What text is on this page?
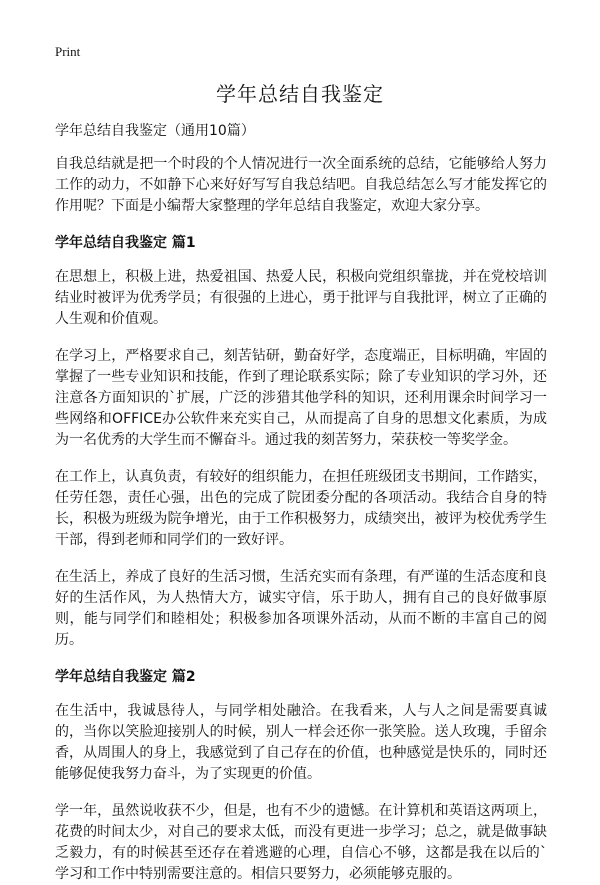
Print
学年总结自我鉴定
学年总结自我鉴定（通用10篇）

自我总结就是把一个时段的个人情况进行一次全面系统的总结，它能够给人努力工作的动力，不如静下心来好好写写自我总结吧。自我总结怎么写才能发挥它的作用呢？下面是小编帮大家整理的学年总结自我鉴定，欢迎大家分享。

学年总结自我鉴定 篇1

在思想上，积极上进，热爱祖国、热爱人民，积极向党组织靠拢，并在党校培训结业时被评为优秀学员；有很强的上进心，勇于批评与自我批评，树立了正确的人生观和价值观。

在学习上，严格要求自己，刻苦钻研，勤奋好学，态度端正，目标明确，牢固的掌握了一些专业知识和技能，作到了理论联系实际；除了专业知识的学习外，还注意各方面知识的`扩展，广泛的涉猎其他学科的知识，还利用课余时间学习一些网络和OFFICE办公软件来充实自己，从而提高了自身的思想文化素质，为成为一名优秀的大学生而不懈奋斗。通过我的刻苦努力，荣获校一等奖学金。

在工作上，认真负责，有较好的组织能力，在担任班级团支书期间，工作踏实，任劳任怨，责任心强，出色的完成了院团委分配的各项活动。我结合自身的特长，积极为班级为院争增光，由于工作积极努力，成绩突出，被评为校优秀学生干部，得到老师和同学们的一致好评。

在生活上，养成了良好的生活习惯，生活充实而有条理，有严谨的生活态度和良好的生活作风，为人热情大方，诚实守信，乐于助人，拥有自己的良好做事原则，能与同学们和睦相处；积极参加各项课外活动，从而不断的丰富自己的阅历。

学年总结自我鉴定 篇2

在生活中，我诚恳待人，与同学相处融洽。在我看来，人与人之间是需要真诚的，当你以笑脸迎接别人的时候，别人一样会还你一张笑脸。送人玫瑰，手留余香，从周围人的身上，我感觉到了自己存在的价值，也种感觉是快乐的，同时还能够促使我努力奋斗，为了实现更的价值。

学一年，虽然说收获不少，但是，也有不少的遗憾。在计算机和英语这两项上，花费的时间太少，对自己的要求太低，而没有更进一步学习；总之，就是做事缺乏毅力，有的时候甚至还存在着逃避的心理，自信心不够，这都是我在以后的`学习和工作中特别需要注意的。相信只要努力，必须能够克服的。
